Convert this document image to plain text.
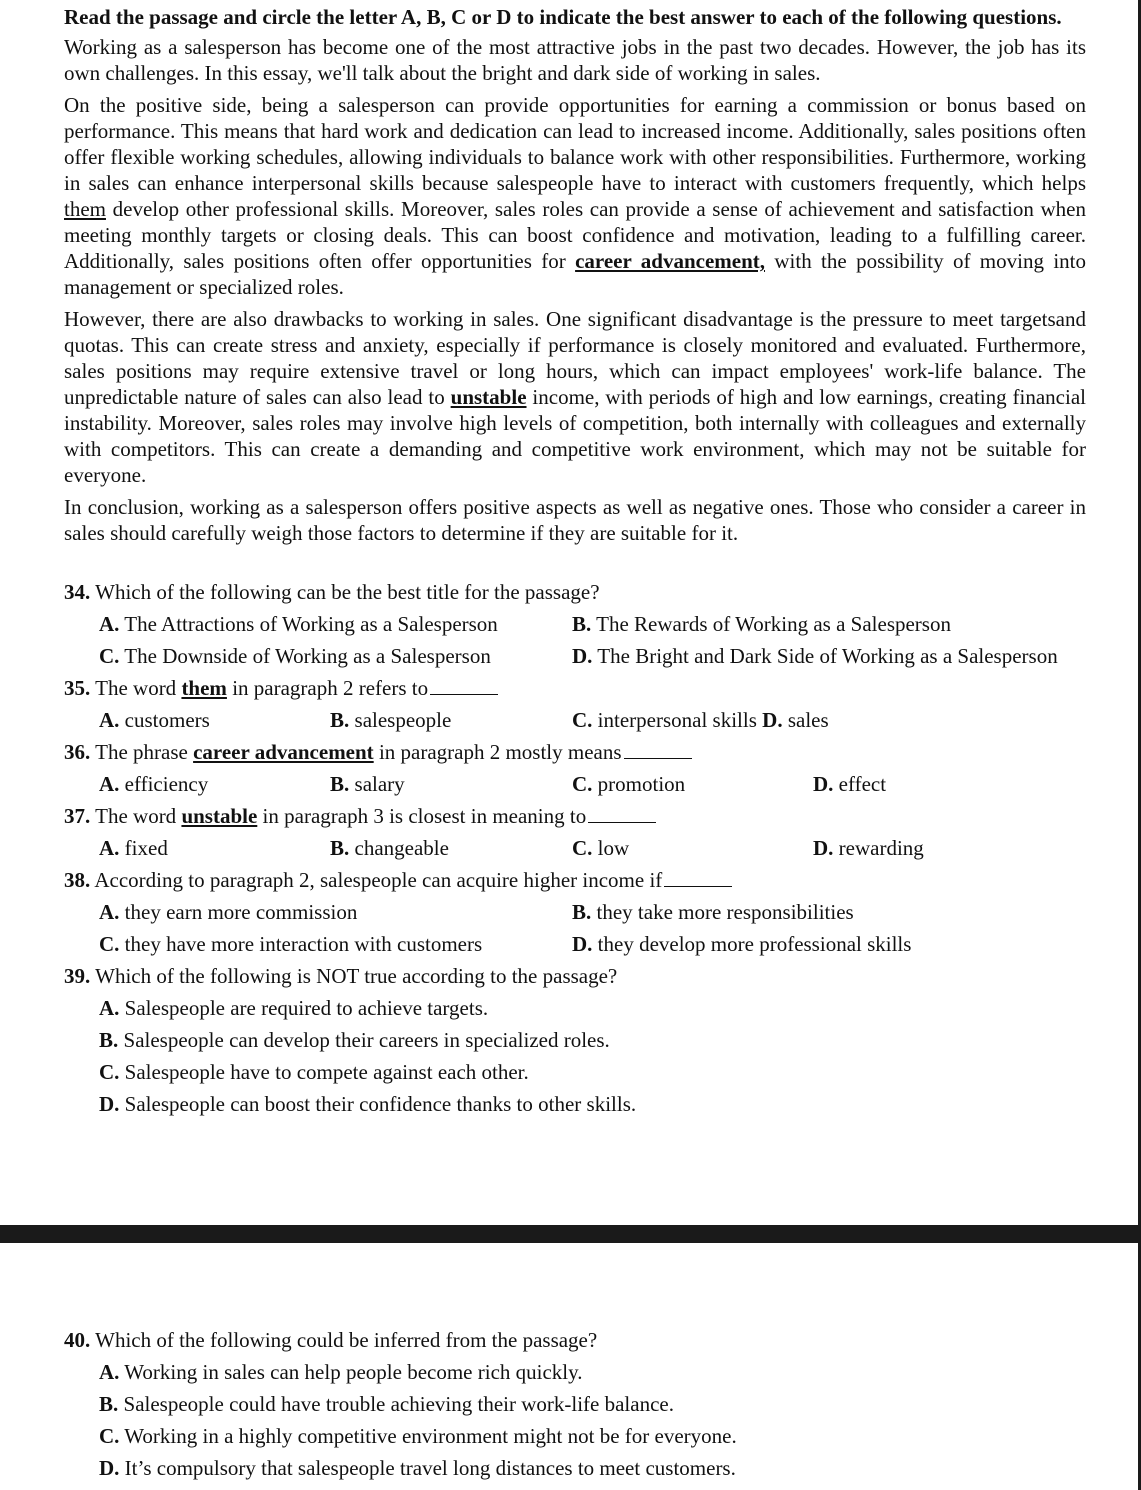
Read the passage and circle the letter A, B, C or D to indicate the best answer to each of the following questions.

Working as a salesperson has become one of the most attractive jobs in the past two decades. However, the job has its own challenges. In this essay, we'll talk about the bright and dark side of working in sales.

On the positive side, being a salesperson can provide opportunities for earning a commission or bonus based on performance. This means that hard work and dedication can lead to increased income. Additionally, sales positions often offer flexible working schedules, allowing individuals to balance work with other responsibilities. Furthermore, working in sales can enhance interpersonal skills because salespeople have to interact with customers frequently, which helps them develop other professional skills. Moreover, sales roles can provide a sense of achievement and satisfaction when meeting monthly targets or closing deals. This can boost confidence and motivation, leading to a fulfilling career. Additionally, sales positions often offer opportunities for career advancement, with the possibility of moving into management or specialized roles.

However, there are also drawbacks to working in sales. One significant disadvantage is the pressure to meet targetsand quotas. This can create stress and anxiety, especially if performance is closely monitored and evaluated. Furthermore, sales positions may require extensive travel or long hours, which can impact employees' work-life balance. The unpredictable nature of sales can also lead to unstable income, with periods of high and low earnings, creating financial instability. Moreover, sales roles may involve high levels of competition, both internally with colleagues and externally with competitors. This can create a demanding and competitive work environment, which may not be suitable for everyone.

In conclusion, working as a salesperson offers positive aspects as well as negative ones. Those who consider a career in sales should carefully weigh those factors to determine if they are suitable for it.

34. Which of the following can be the best title for the passage?
A. The Attractions of Working as a Salesperson	B. The Rewards of Working as a Salesperson
C. The Downside of Working as a Salesperson	D. The Bright and Dark Side of Working as a Salesperson
35. The word them in paragraph 2 refers to
A. customers	B. salespeople	C. interpersonal skills D. sales
36. The phrase career advancement in paragraph 2 mostly means
A. efficiency	B. salary	C. promotion	D. effect
37. The word unstable in paragraph 3 is closest in meaning to
A. fixed	B. changeable	C. low	D. rewarding
38. According to paragraph 2, salespeople can acquire higher income if
A. they earn more commission	B. they take more responsibilities
C. they have more interaction with customers	D. they develop more professional skills
39. Which of the following is NOT true according to the passage?
A. Salespeople are required to achieve targets.
B. Salespeople can develop their careers in specialized roles.
C. Salespeople have to compete against each other.
D. Salespeople can boost their confidence thanks to other skills.
40. Which of the following could be inferred from the passage?
A. Working in sales can help people become rich quickly.
B. Salespeople could have trouble achieving their work-life balance.
C. Working in a highly competitive environment might not be for everyone.
D. It’s compulsory that salespeople travel long distances to meet customers.
